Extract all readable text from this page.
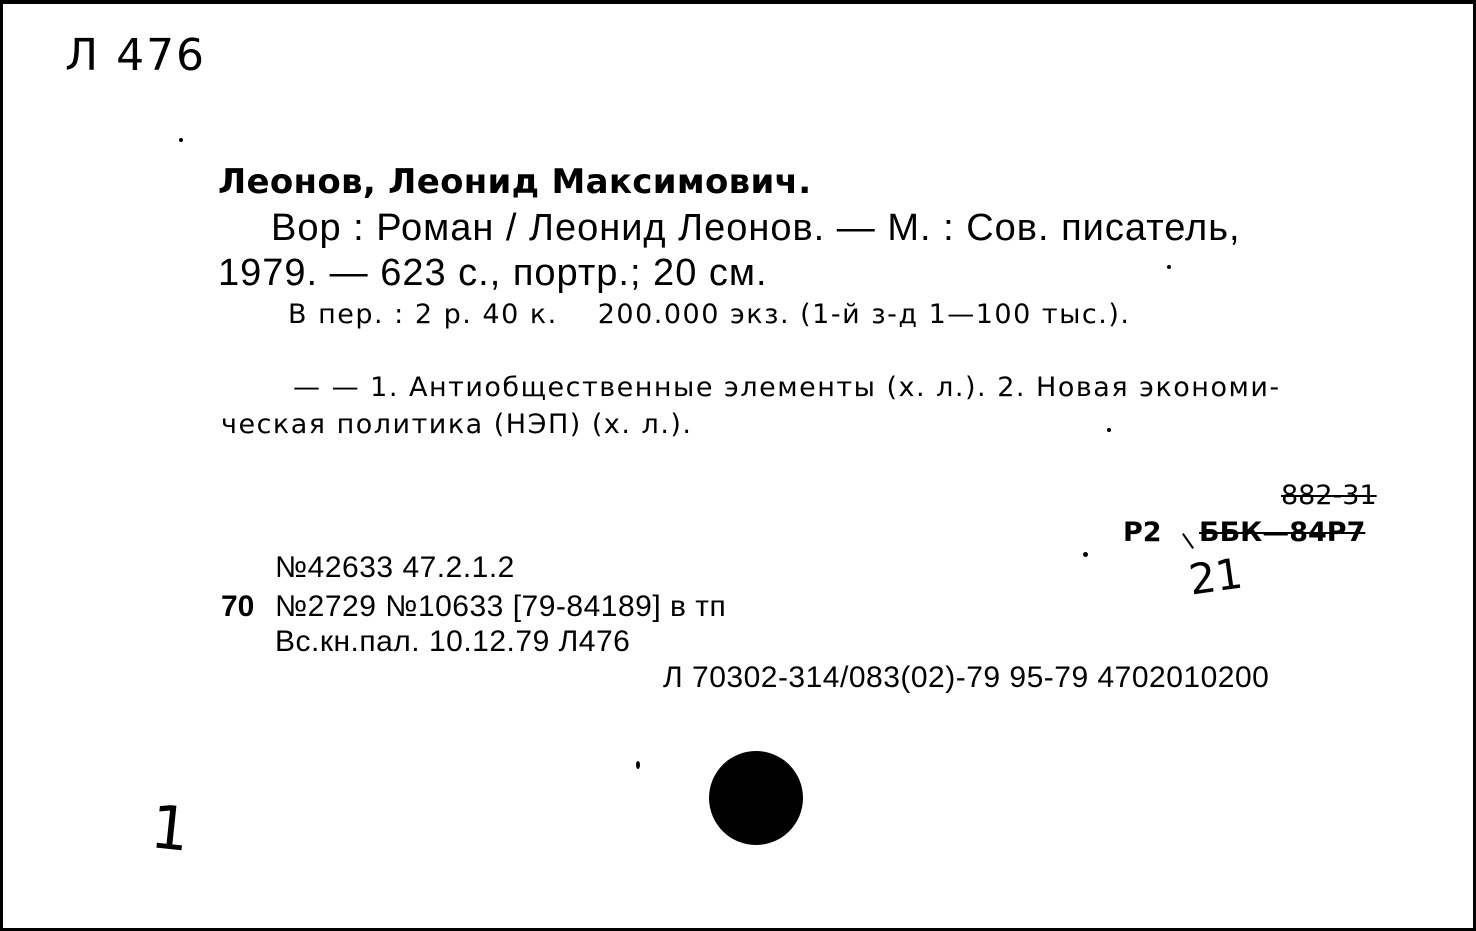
Л 476
Леонов, Леонид Максимович.
Вор : Роман / Леонид Леонов. — М. : Сов. писатель,
1979. — 623 с., портр.; 20 см.
В пер. : 2 р. 40 к. 200.000 экз. (1-й з-д 1—100 тыс.).
— — 1. Антиобщественные элементы (х. л.). 2. Новая экономи-
ческая политика (НЭП) (х. л.).
882-31
Р2 ББК—84Р7
21
№42633 47.2.1.2
70 №2729 №10633 [79-84189] в тп
Вс.кн.пал. 10.12.79 Л476
Л 70302-314/083(02)-79 95-79 4702010200
1
